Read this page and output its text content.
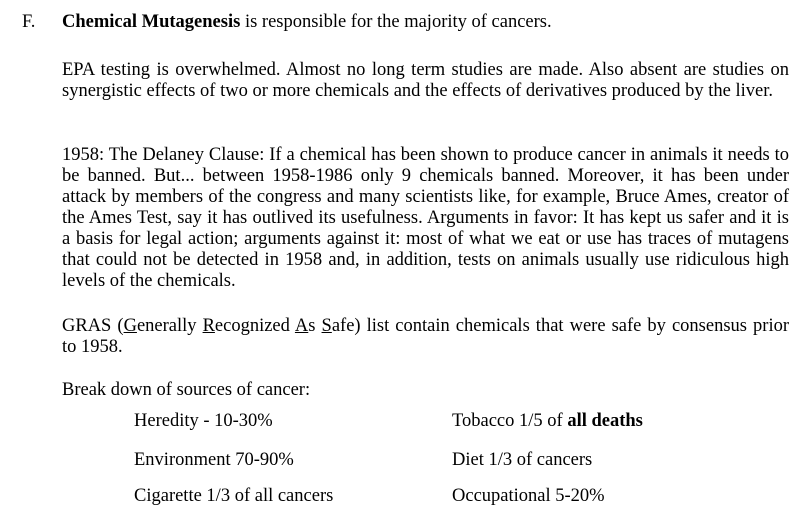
F. Chemical Mutagenesis is responsible for the majority of cancers.

EPA testing is overwhelmed. Almost no long term studies are made. Also absent are studies on synergistic effects of two or more chemicals and the effects of derivatives produced by the liver.

1958: The Delaney Clause: If a chemical has been shown to produce cancer in animals it needs to be banned. But... between 1958-1986 only 9 chemicals banned. Moreover, it has been under attack by members of the congress and many scientists like, for example, Bruce Ames, creator of the Ames Test, say it has outlived its usefulness. Arguments in favor: It has kept us safer and it is a basis for legal action; arguments against it: most of what we eat or use has traces of mutagens that could not be detected in 1958 and, in addition, tests on animals usually use ridiculous high levels of the chemicals.

GRAS (Generally Recognized As Safe) list contain chemicals that were safe by consensus prior to 1958.

Break down of sources of cancer:

Heredity - 10-30%	Tobacco 1/5 of all deaths
Environment 70-90%	Diet 1/3 of cancers
Cigarette 1/3 of all cancers	Occupational 5-20%
